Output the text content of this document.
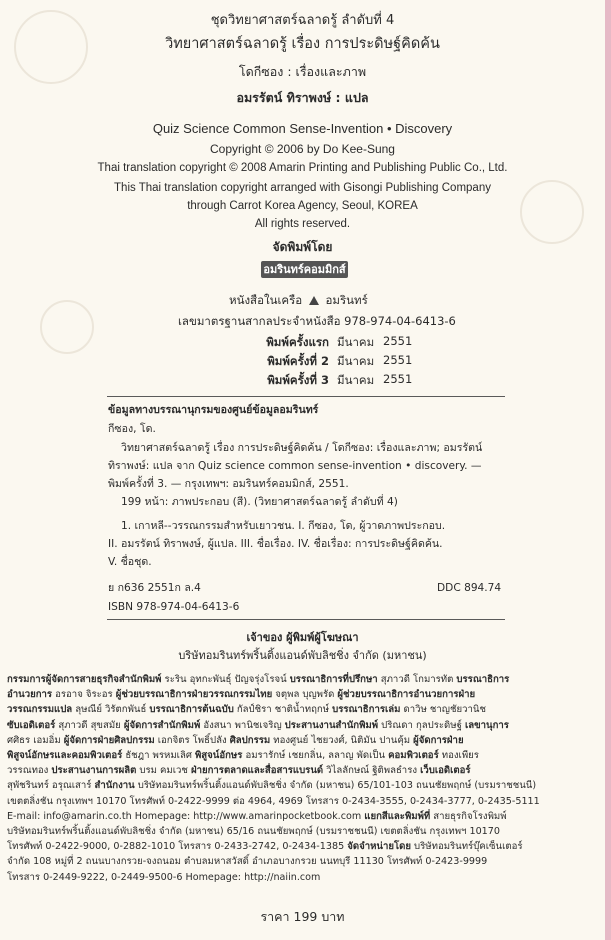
ชุดวิทยาศาสตร์ฉลาดรู้ ลำดับที่ 4
วิทยาศาสตร์ฉลาดรู้ เรื่อง การประดิษฐ์คิดค้น
โดกีซอง : เรื่องและภาพ
อมรรัตน์ ทิราพงษ์ : แปล
Quiz Science Common Sense-Invention • Discovery
Copyright © 2006 by Do Kee-Sung
Thai translation copyright © 2008 Amarin Printing and Publishing Public Co., Ltd.
This Thai translation copyright arranged with Gisongi Publishing Company
through Carrot Korea Agency, Seoul, KOREA
All rights reserved.
จัดพิมพ์โดย
อมรินทร์คอมมิกส์
หนังสือในเครือ อมรินทร์
เลขมาตรฐานสากลประจำหนังสือ 978-974-04-6413-6
พิมพ์ครั้งแรก มีนาคม 2551
พิมพ์ครั้งที่ 2 มีนาคม 2551
พิมพ์ครั้งที่ 3 มีนาคม 2551
ข้อมูลทางบรรณานุกรมของศูนย์ข้อมูลอมรินทร์
กีซอง, โด.
วิทยาศาสตร์ฉลาดรู้ เรื่อง การประดิษฐ์คิดค้น / โดกีซอง: เรื่องและภาพ; อมรรัตน์
ทิราพงษ์: แปล จาก Quiz science common sense-invention • discovery. —
พิมพ์ครั้งที่ 3. — กรุงเทพฯ: อมรินทร์คอมมิกส์, 2551.
199 หน้า: ภาพประกอบ (สี). (วิทยาศาสตร์ฉลาดรู้ ลำดับที่ 4)
1. เกาหลี--วรรณกรรมสำหรับเยาวชน. I. กีซอง, โด, ผู้วาดภาพประกอบ.
II. อมรรัตน์ ทิราพงษ์, ผู้แปล. III. ชื่อเรื่อง. IV. ชื่อเรื่อง: การประดิษฐ์คิดค้น.
V. ชื่อชุด.
ย ก636 2551ก ล.4	DDC 894.74
ISBN 978-974-04-6413-6
เจ้าของ ผู้พิมพ์ผู้โฆษณา
บริษัทอมรินทร์พริ้นติ้งแอนด์พับลิชชิ่ง จำกัด (มหาชน)

กรรมการผู้จัดการสายธุรกิจสำนักพิมพ์ ระริน อุทกะพันธุ์ ปัญจรุ่งโรจน์ บรรณาธิการที่ปรึกษา สุภาวดี โกมารทัต บรรณาธิการ

อำนวยการ อรอาจ จิระอร ผู้ช่วยบรรณาธิการฝ่ายวรรณกรรมไทย จตุพล บุญพรัด ผู้ช่วยบรรณาธิการอำนวยการฝ่าย

วรรณกรรมแปล ลุษณีย์ วิรัตกพันธ์ บรรณาธิการต้นฉบับ กัลป์ชิรา ชาติน้ำทฤกษ์ บรรณาธิการเล่ม ดาวิษ ชาญชัยวานิช

ซับเอดิเตอร์ สุภาวดี สุขสมัย ผู้จัดการสำนักพิมพ์ อังสนา พานิชเจริญ ประสานงานสำนักพิมพ์ ปริณดา กุลประดิษฐ์ เลขานุการ

ศศิธร เอมอิ่ม ผู้จัดการฝ่ายศิลปกรรม เอกจิตร โพธิ์ปลัง ศิลปกรรม ทองศูนย์ ไชยวงศ์, นิติมัน ปานคุ้ม ผู้จัดการฝ่าย

พิสูจน์อักษรและคอมพิวเตอร์ ธัชฎา พรหมเลิศ พิสูจน์อักษร อมรารักษ์ เชยกลิ่น, ลลาญ พัดเป็น คอมพิวเตอร์ ทองเพียร

วรรณทอง ประสานงานการผลิต บรม คมเวช ฝ่ายการตลาดและสื่อสารแบรนด์ วิไลลักษณ์ ฐิติพลธำรง เว็บเอดิเตอร์

สุพัชรินทร์ อรุณเสาร์ สำนักงาน บริษัทอมรินทร์พริ้นติ้งแอนด์พับลิชชิ่ง จำกัด (มหาชน) 65/101-103 ถนนชัยพฤกษ์ (บรมราชชนนี)

เขตตลิ่งชัน กรุงเทพฯ 10170 โทรศัพท์ 0-2422-9999 ต่อ 4964, 4969 โทรสาร 0-2434-3555, 0-2434-3777, 0-2435-5111

E-mail: info@amarin.co.th Homepage: http://www.amarinpocketbook.com แยกสีและพิมพ์ที่ สายธุรกิจโรงพิมพ์

บริษัทอมรินทร์พริ้นติ้งแอนด์พับลิชชิ่ง จำกัด (มหาชน) 65/16 ถนนชัยพฤกษ์ (บรมราชชนนี) เขตตลิ่งชัน กรุงเทพฯ 10170

โทรศัพท์ 0-2422-9000, 0-2882-1010 โทรสาร 0-2433-2742, 0-2434-1385 จัดจำหน่ายโดย บริษัทอมรินทร์บุ๊คเซ็นเตอร์

จำกัด 108 หมู่ที่ 2 ถนนบางกรวย-จงถนอม ตำบลมหาสวัสดิ์ อำเภอบางกรวย นนทบุรี 11130 โทรศัพท์ 0-2423-9999

โทรสาร 0-2449-9222, 0-2449-9500-6 Homepage: http://naiin.com

ราคา 199 บาท
